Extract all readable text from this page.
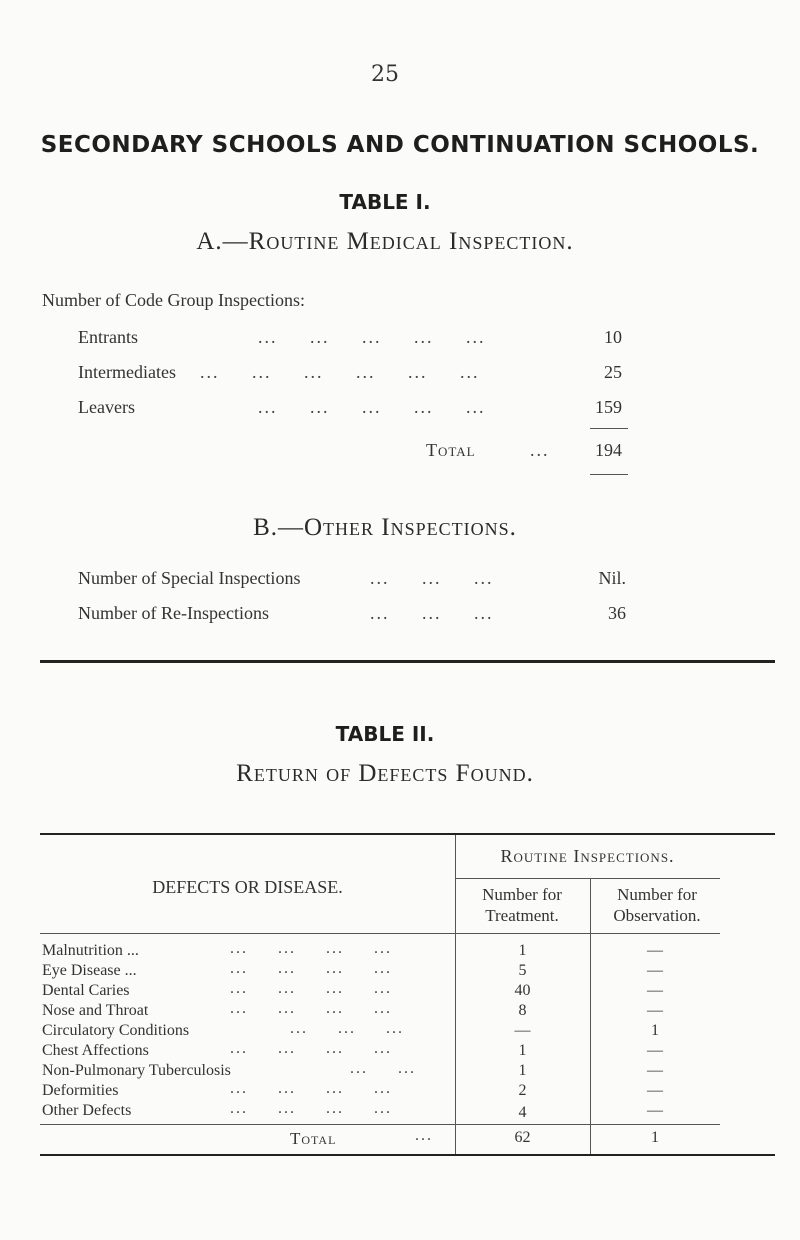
25
SECONDARY SCHOOLS AND CONTINUATION SCHOOLS.
TABLE I.
A.—Routine Medical Inspection.
Number of Code Group Inspections:
Entrants	...     ...     ...     ...     ...	10
Intermediates ...     ...     ...     ...     ...     ...	25
Leavers	...     ...     ...     ...     ...	159
Total	...	194
B.—Other Inspections.
Number of Special Inspections	...     ...     ...	Nil.
Number of Re-Inspections	...     ...     ...	36
TABLE II.
Return of Defects Found.
DEFECTS OR DISEASE.
Routine Inspections.
Number for Treatment.
Number for Observation.
Malnutrition ...	...     ...     ...     ...	1	—
Eye Disease ...	...     ...     ...     ...	5	—
Dental Caries	...     ...     ...     ...	40	—
Nose and Throat	...     ...     ...     ...	8	—
Circulatory Conditions	...     ...     ...	—	1
Chest Affections	...     ...     ...     ...	1	—
Non-Pulmonary Tuberculosis	...     ...	1	—
Deformities	...     ...     ...     ...	2	—
Other Defects	...     ...     ...     ...	4	—
Total	...	62	1
